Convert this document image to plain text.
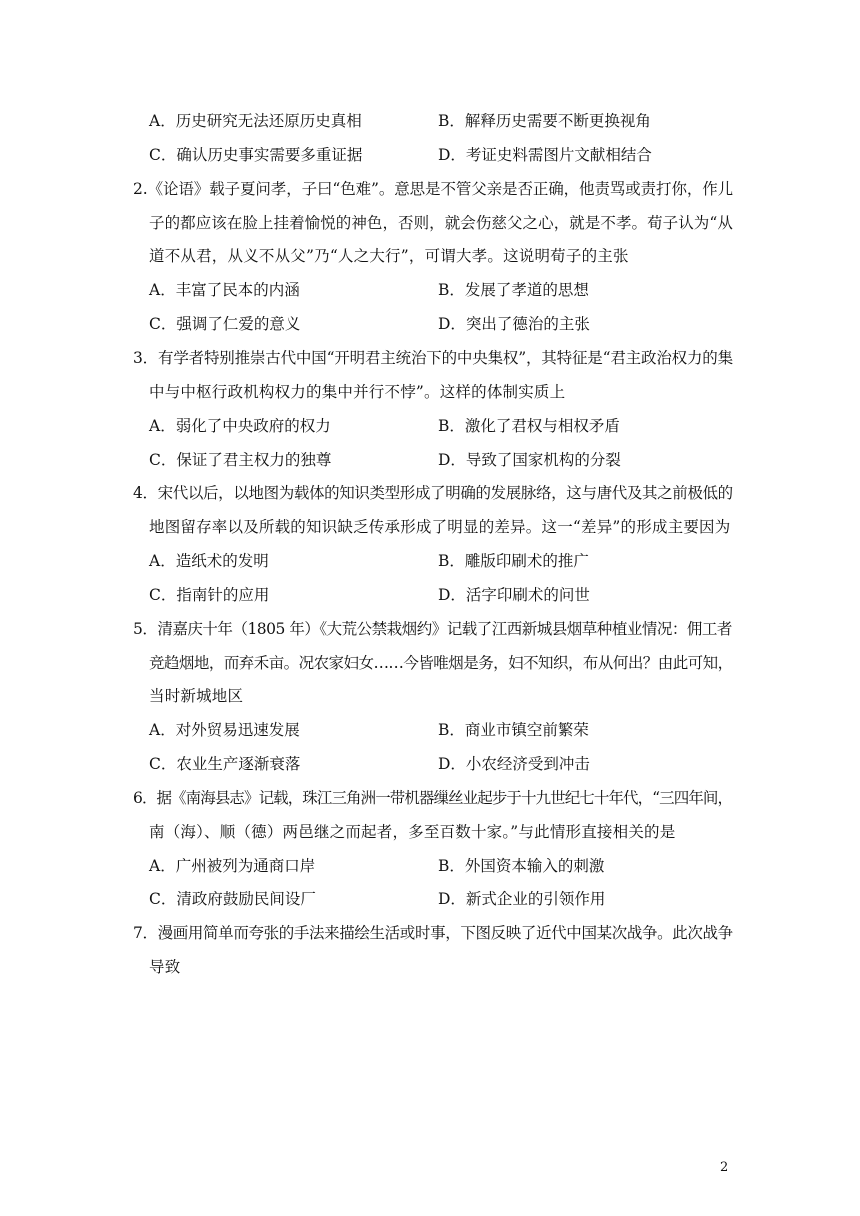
A．历史研究无法还原历史真相	B．解释历史需要不断更换视角
C．确认历史事实需要多重证据	D．考证史料需图片文献相结合
2.《论语》载子夏问孝，子曰“色难”。意思是不管父亲是否正确，他责骂或责打你，作儿
子的都应该在脸上挂着愉悦的神色，否则，就会伤慈父之心，就是不孝。荀子认为“从
道不从君，从义不从父”乃“人之大行”，可谓大孝。这说明荀子的主张
A．丰富了民本的内涵	B．发展了孝道的思想
C．强调了仁爱的意义	D．突出了德治的主张
3．有学者特别推崇古代中国“开明君主统治下的中央集权”，其特征是“君主政治权力的集
中与中枢行政机构权力的集中并行不悖”。这样的体制实质上
A．弱化了中央政府的权力	B．激化了君权与相权矛盾
C．保证了君主权力的独尊	D．导致了国家机构的分裂
4．宋代以后，以地图为载体的知识类型形成了明确的发展脉络，这与唐代及其之前极低的
地图留存率以及所载的知识缺乏传承形成了明显的差异。这一“差异”的形成主要因为
A．造纸术的发明	B．雕版印刷术的推广
C．指南针的应用	D．活字印刷术的问世
5．清嘉庆十年（1805 年）《大荒公禁栽烟约》记载了江西新城县烟草种植业情况：佣工者
竞趋烟地，而弃禾亩。况农家妇女……今皆唯烟是务，妇不知织，布从何出？由此可知，
当时新城地区
A．对外贸易迅速发展	B．商业市镇空前繁荣
C．农业生产逐渐衰落	D．小农经济受到冲击
6．据《南海县志》记载，珠江三角洲一带机器缫丝业起步于十九世纪七十年代，“三四年间，
南（海）、顺（德）两邑继之而起者，多至百数十家。”与此情形直接相关的是
A．广州被列为通商口岸	B．外国资本输入的刺激
C．清政府鼓励民间设厂	D．新式企业的引领作用
7．漫画用简单而夸张的手法来描绘生活或时事，下图反映了近代中国某次战争。此次战争
导致
2
